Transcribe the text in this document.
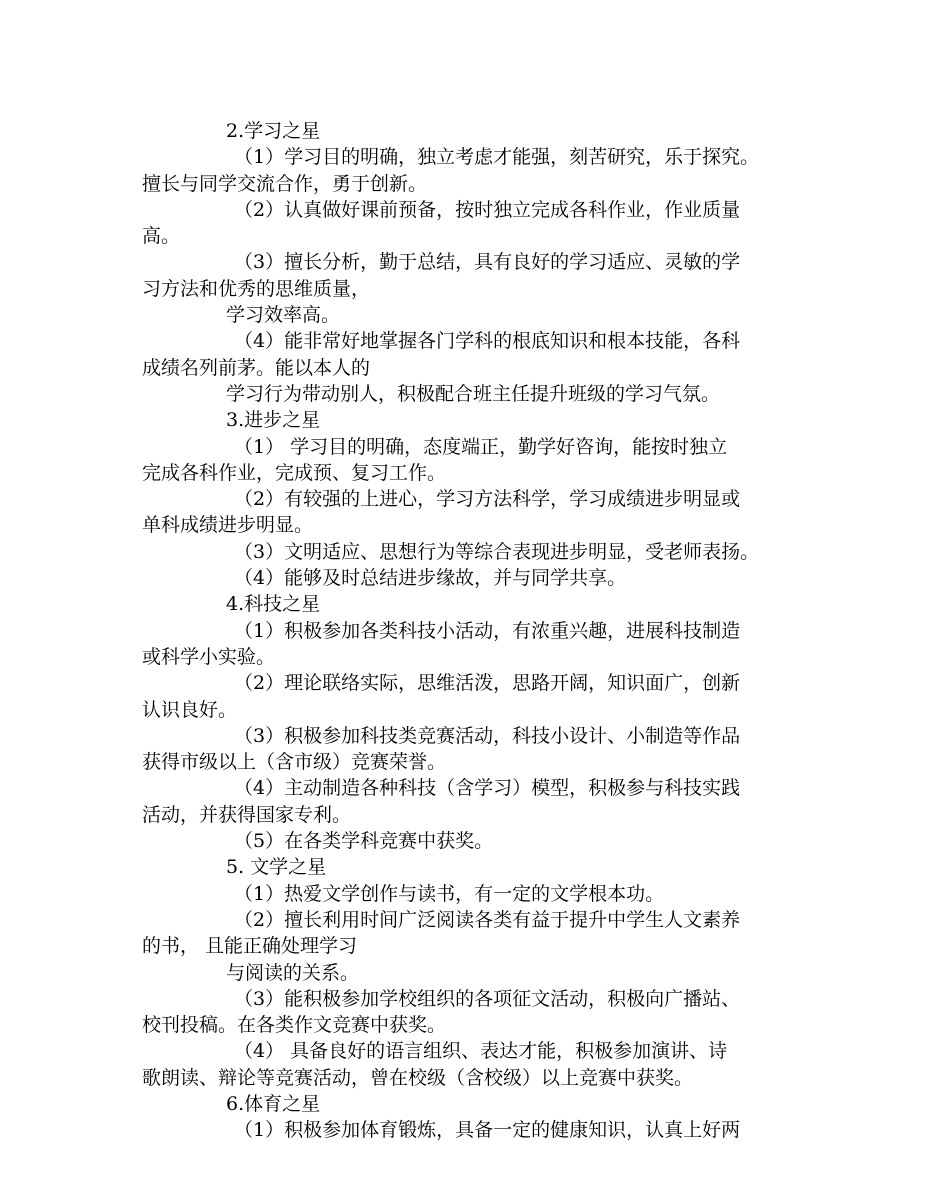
2.学习之星
（1）学习目的明确，独立考虑才能强，刻苦研究，乐于探究。
擅长与同学交流合作，勇于创新。
（2）认真做好课前预备，按时独立完成各科作业，作业质量
高。
（3）擅长分析，勤于总结，具有良好的学习适应、灵敏的学
习方法和优秀的思维质量，
学习效率高。
（4）能非常好地掌握各门学科的根底知识和根本技能，各科
成绩名列前茅。能以本人的
学习行为带动别人，积极配合班主任提升班级的学习气氛。
3.进步之星
（1） 学习目的明确，态度端正，勤学好咨询，能按时独立
完成各科作业，完成预、复习工作。
（2）有较强的上进心，学习方法科学，学习成绩进步明显或
单科成绩进步明显。
（3）文明适应、思想行为等综合表现进步明显，受老师表扬。
（4）能够及时总结进步缘故，并与同学共享。
4.科技之星
（1）积极参加各类科技小活动，有浓重兴趣，进展科技制造
或科学小实验。
（2）理论联络实际，思维活泼，思路开阔，知识面广，创新
认识良好。
（3）积极参加科技类竞赛活动，科技小设计、小制造等作品
获得市级以上（含市级）竞赛荣誉。
（4）主动制造各种科技（含学习）模型，积极参与科技实践
活动，并获得国家专利。
（5）在各类学科竞赛中获奖。
5. 文学之星
（1）热爱文学创作与读书，有一定的文学根本功。
（2）擅长利用时间广泛阅读各类有益于提升中学生人文素养
的书， 且能正确处理学习
与阅读的关系。
（3）能积极参加学校组织的各项征文活动，积极向广播站、
校刊投稿。在各类作文竞赛中获奖。
（4） 具备良好的语言组织、表达才能，积极参加演讲、诗
歌朗读、辩论等竞赛活动，曾在校级（含校级）以上竞赛中获奖。
6.体育之星
（1）积极参加体育锻炼，具备一定的健康知识，认真上好两
